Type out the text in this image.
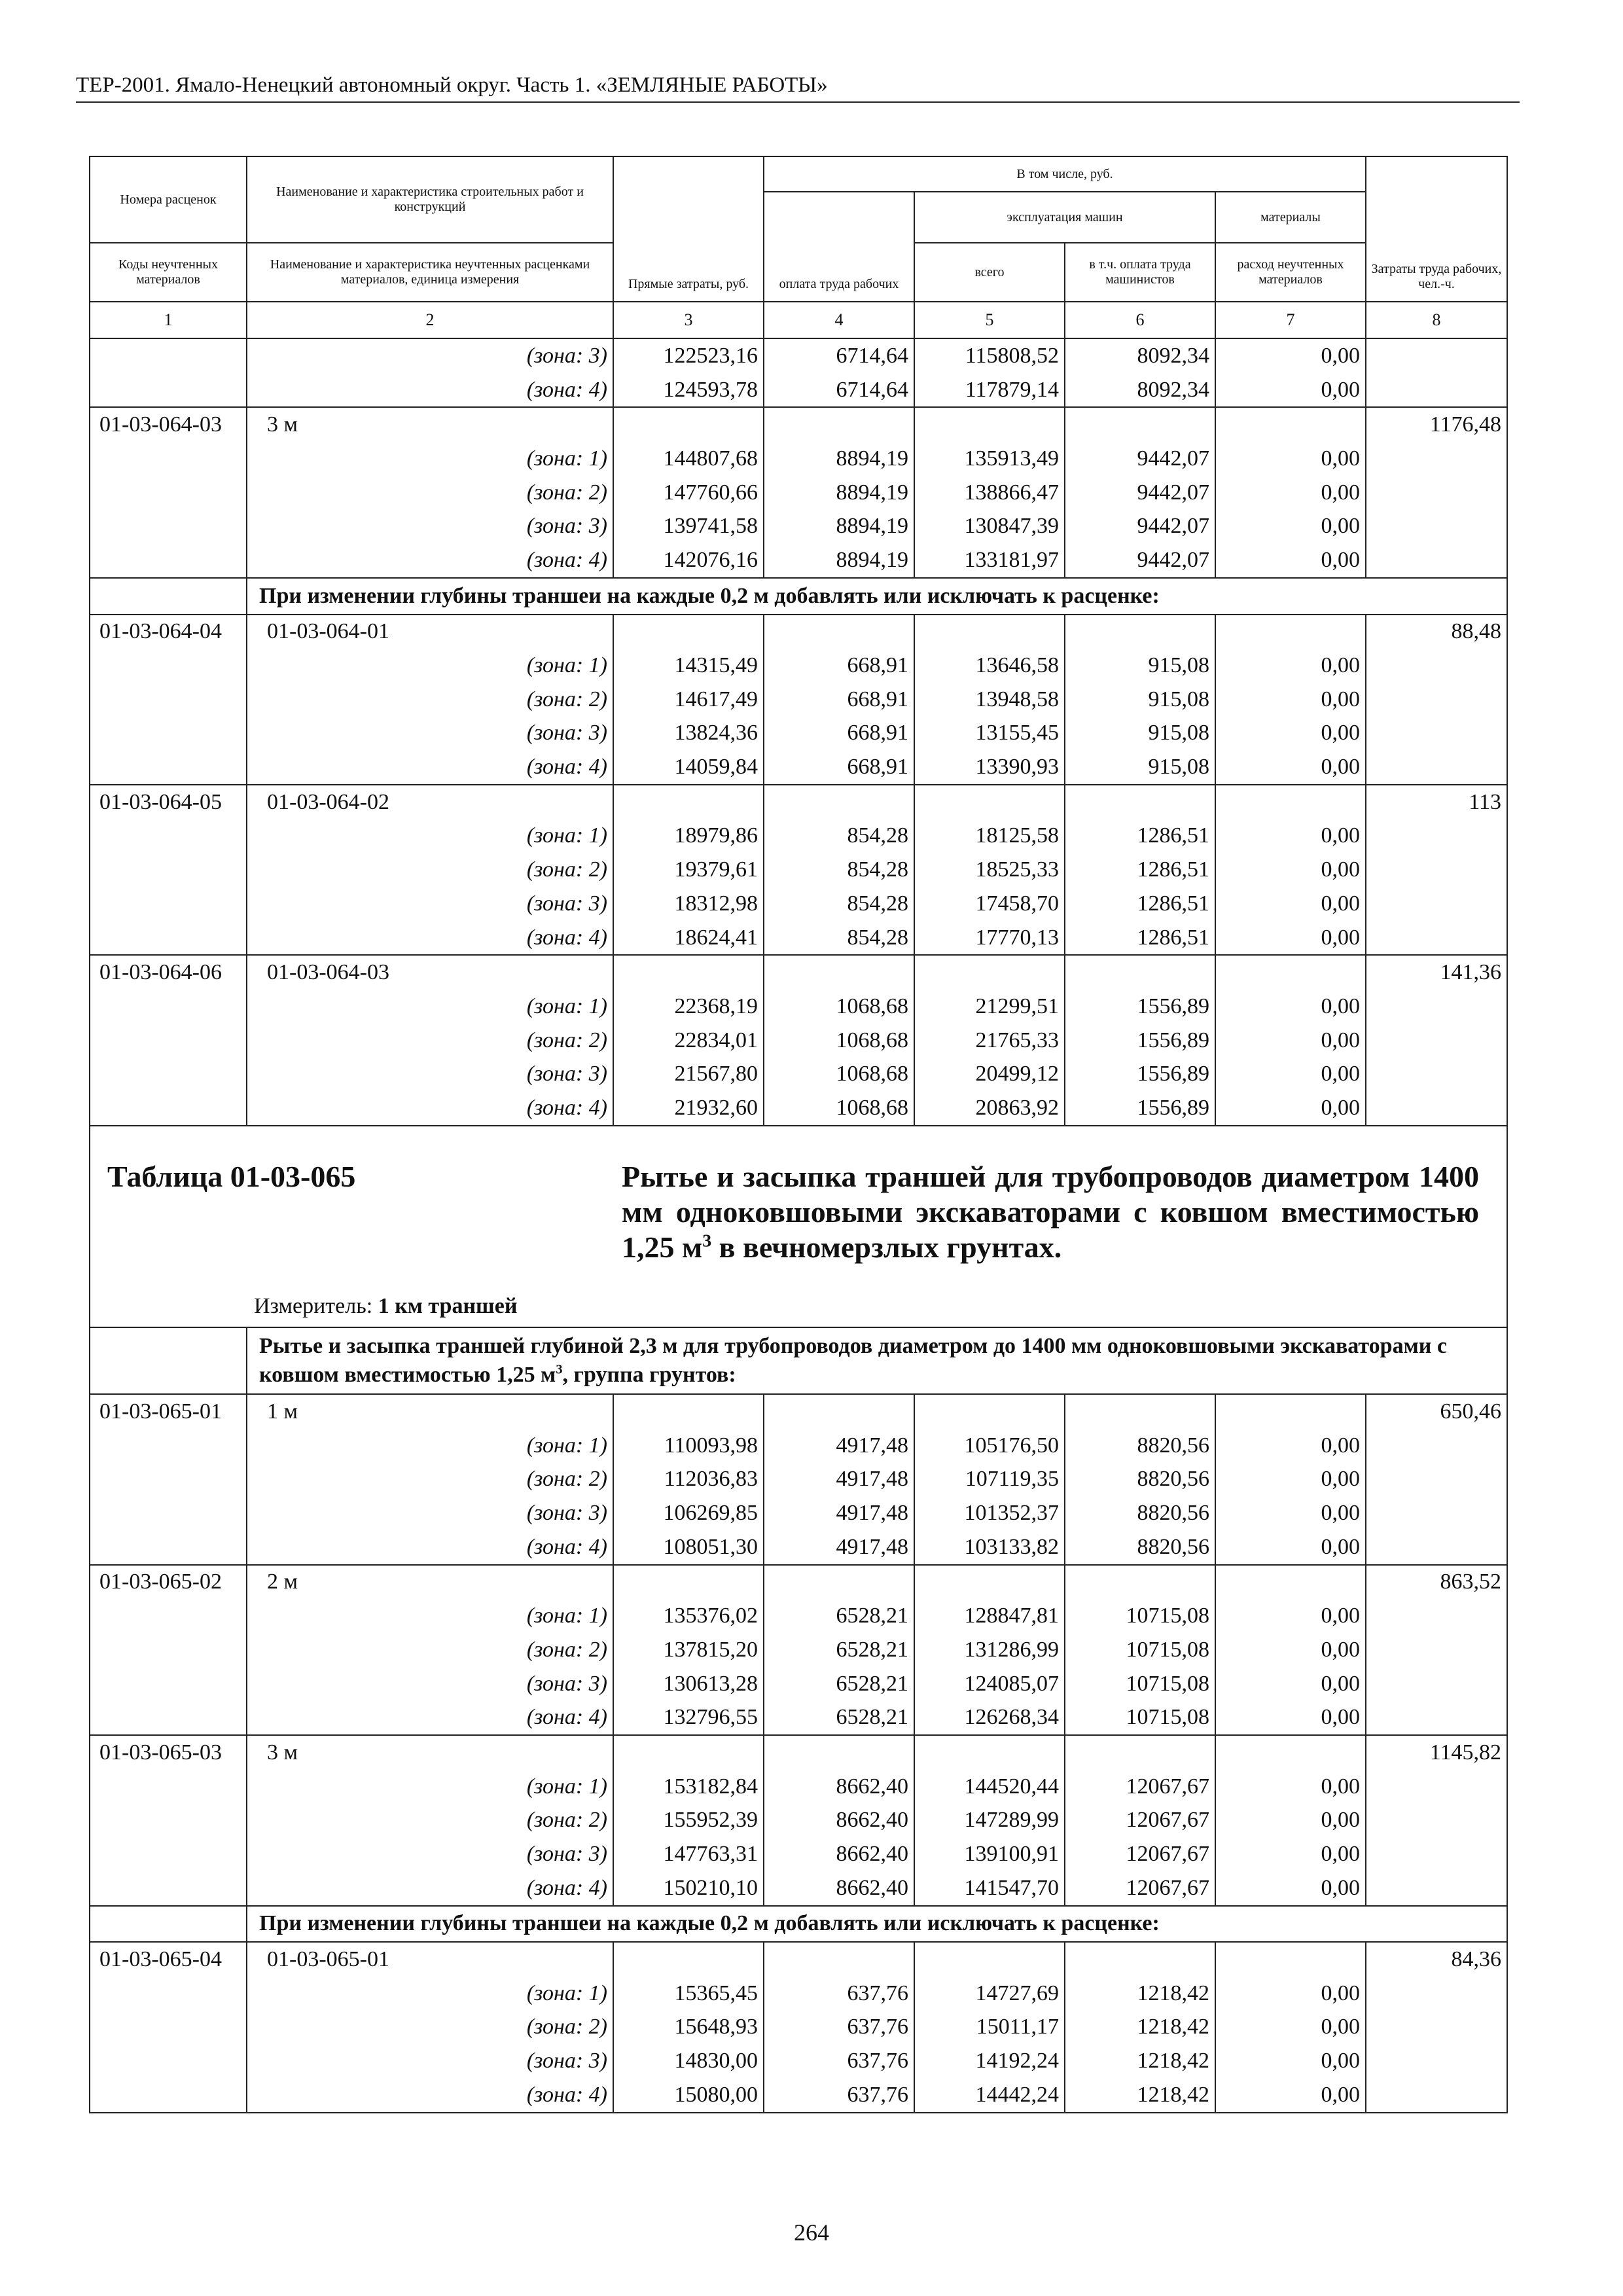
ТЕР-2001. Ямало-Ненецкий автономный округ. Часть 1. «ЗЕМЛЯНЫЕ РАБОТЫ»
Номера расценок	Наименование и характеристика строительных работ и конструкций	Прямые затраты, руб.	В том числе, руб.				Затраты труда рабочих, чел.-ч.
			оплата труда рабочих	эксплуатация машин		материалы	
Коды неучтенных материалов	Наименование и характеристика неучтенных расценками материалов, единица измерения			всего	в т.ч. оплата труда машинистов	расход неучтенных материалов	
1	2	3	4	5	6	7	8
	(зона: 3)	122523,16	6714,64	115808,52	8092,34	0,00	
	(зона: 4)	124593,78	6714,64	117879,14	8092,34	0,00	
01-03-064-03	3 м						1176,48
	(зона: 1)	144807,68	8894,19	135913,49	9442,07	0,00	
	(зона: 2)	147760,66	8894,19	138866,47	9442,07	0,00	
	(зона: 3)	139741,58	8894,19	130847,39	9442,07	0,00	
	(зона: 4)	142076,16	8894,19	133181,97	9442,07	0,00	
	При изменении глубины траншеи на каждые 0,2 м добавлять или исключать к расценке:						
01-03-064-04	01-03-064-01						88,48
	(зона: 1)	14315,49	668,91	13646,58	915,08	0,00	
	(зона: 2)	14617,49	668,91	13948,58	915,08	0,00	
	(зона: 3)	13824,36	668,91	13155,45	915,08	0,00	
	(зона: 4)	14059,84	668,91	13390,93	915,08	0,00	
01-03-064-05	01-03-064-02						113
	(зона: 1)	18979,86	854,28	18125,58	1286,51	0,00	
	(зона: 2)	19379,61	854,28	18525,33	1286,51	0,00	
	(зона: 3)	18312,98	854,28	17458,70	1286,51	0,00	
	(зона: 4)	18624,41	854,28	17770,13	1286,51	0,00	
01-03-064-06	01-03-064-03						141,36
	(зона: 1)	22368,19	1068,68	21299,51	1556,89	0,00	
	(зона: 2)	22834,01	1068,68	21765,33	1556,89	0,00	
	(зона: 3)	21567,80	1068,68	20499,12	1556,89	0,00	
	(зона: 4)	21932,60	1068,68	20863,92	1556,89	0,00	

Таблица 01-03-065 Рытье и засыпка траншей для трубопроводов диаметром 1400 мм одноковшовыми экскаваторами с ковшом вместимостью 1,25 $м^3$ в вечномерзлых грунтах.
Измеритель: 1 км траншей							

	Рытье и засыпка траншей глубиной 2,3 м для трубопроводов диаметром до 1400 мм одноковшовыми экскаваторами с ковшом вместимостью 1,25 $м^3$, группа грунтов:						
01-03-065-01	1 м						650,46
	(зона: 1)	110093,98	4917,48	105176,50	8820,56	0,00	
	(зона: 2)	112036,83	4917,48	107119,35	8820,56	0,00	
	(зона: 3)	106269,85	4917,48	101352,37	8820,56	0,00	
	(зона: 4)	108051,30	4917,48	103133,82	8820,56	0,00	
01-03-065-02	2 м						863,52
	(зона: 1)	135376,02	6528,21	128847,81	10715,08	0,00	
	(зона: 2)	137815,20	6528,21	131286,99	10715,08	0,00	
	(зона: 3)	130613,28	6528,21	124085,07	10715,08	0,00	
	(зона: 4)	132796,55	6528,21	126268,34	10715,08	0,00	
01-03-065-03	3 м						1145,82
	(зона: 1)	153182,84	8662,40	144520,44	12067,67	0,00	
	(зона: 2)	155952,39	8662,40	147289,99	12067,67	0,00	
	(зона: 3)	147763,31	8662,40	139100,91	12067,67	0,00	
	(зона: 4)	150210,10	8662,40	141547,70	12067,67	0,00	
	При изменении глубины траншеи на каждые 0,2 м добавлять или исключать к расценке:						
01-03-065-04	01-03-065-01						84,36
	(зона: 1)	15365,45	637,76	14727,69	1218,42	0,00	
	(зона: 2)	15648,93	637,76	15011,17	1218,42	0,00	
	(зона: 3)	14830,00	637,76	14192,24	1218,42	0,00	
	(зона: 4)	15080,00	637,76	14442,24	1218,42	0,00	
264
